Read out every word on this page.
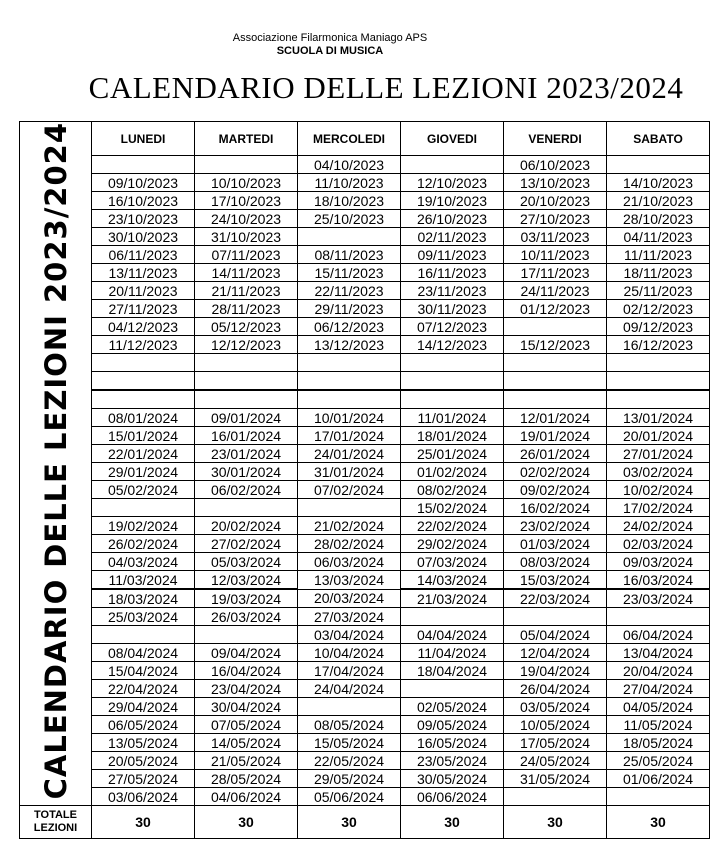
Associazione Filarmonica Maniago APS
SCUOLA DI MUSICA
CALENDARIO DELLE LEZIONI 2023/2024
CALENDARIO DELLE LEZIONI 2023/2024	LUNEDI	MARTEDI	MERCOLEDI	GIOVEDI	VENERDI	SABATO
			04/10/2023		06/10/2023	
	09/10/2023	10/10/2023	11/10/2023	12/10/2023	13/10/2023	14/10/2023
	16/10/2023	17/10/2023	18/10/2023	19/10/2023	20/10/2023	21/10/2023
	23/10/2023	24/10/2023	25/10/2023	26/10/2023	27/10/2023	28/10/2023
	30/10/2023	31/10/2023		02/11/2023	03/11/2023	04/11/2023
	06/11/2023	07/11/2023	08/11/2023	09/11/2023	10/11/2023	11/11/2023
	13/11/2023	14/11/2023	15/11/2023	16/11/2023	17/11/2023	18/11/2023
	20/11/2023	21/11/2023	22/11/2023	23/11/2023	24/11/2023	25/11/2023
	27/11/2023	28/11/2023	29/11/2023	30/11/2023	01/12/2023	02/12/2023
	04/12/2023	05/12/2023	06/12/2023	07/12/2023		09/12/2023
	11/12/2023	12/12/2023	13/12/2023	14/12/2023	15/12/2023	16/12/2023

	08/01/2024	09/01/2024	10/01/2024	11/01/2024	12/01/2024	13/01/2024
	15/01/2024	16/01/2024	17/01/2024	18/01/2024	19/01/2024	20/01/2024
	22/01/2024	23/01/2024	24/01/2024	25/01/2024	26/01/2024	27/01/2024
	29/01/2024	30/01/2024	31/01/2024	01/02/2024	02/02/2024	03/02/2024
	05/02/2024	06/02/2024	07/02/2024	08/02/2024	09/02/2024	10/02/2024
				15/02/2024	16/02/2024	17/02/2024
	19/02/2024	20/02/2024	21/02/2024	22/02/2024	23/02/2024	24/02/2024
	26/02/2024	27/02/2024	28/02/2024	29/02/2024	01/03/2024	02/03/2024
	04/03/2024	05/03/2024	06/03/2024	07/03/2024	08/03/2024	09/03/2024
	11/03/2024	12/03/2024	13/03/2024	14/03/2024	15/03/2024	16/03/2024
	18/03/2024	19/03/2024	20/03/2024	21/03/2024	22/03/2024	23/03/2024
	25/03/2024	26/03/2024	27/03/2024			
			03/04/2024	04/04/2024	05/04/2024	06/04/2024
	08/04/2024	09/04/2024	10/04/2024	11/04/2024	12/04/2024	13/04/2024
	15/04/2024	16/04/2024	17/04/2024	18/04/2024	19/04/2024	20/04/2024
	22/04/2024	23/04/2024	24/04/2024		26/04/2024	27/04/2024
	29/04/2024	30/04/2024		02/05/2024	03/05/2024	04/05/2024
	06/05/2024	07/05/2024	08/05/2024	09/05/2024	10/05/2024	11/05/2024
	13/05/2024	14/05/2024	15/05/2024	16/05/2024	17/05/2024	18/05/2024
	20/05/2024	21/05/2024	22/05/2024	23/05/2024	24/05/2024	25/05/2024
	27/05/2024	28/05/2024	29/05/2024	30/05/2024	31/05/2024	01/06/2024
	03/06/2024	04/06/2024	05/06/2024	06/06/2024		
TOTALE
LEZIONI	30	30	30	30	30	30
